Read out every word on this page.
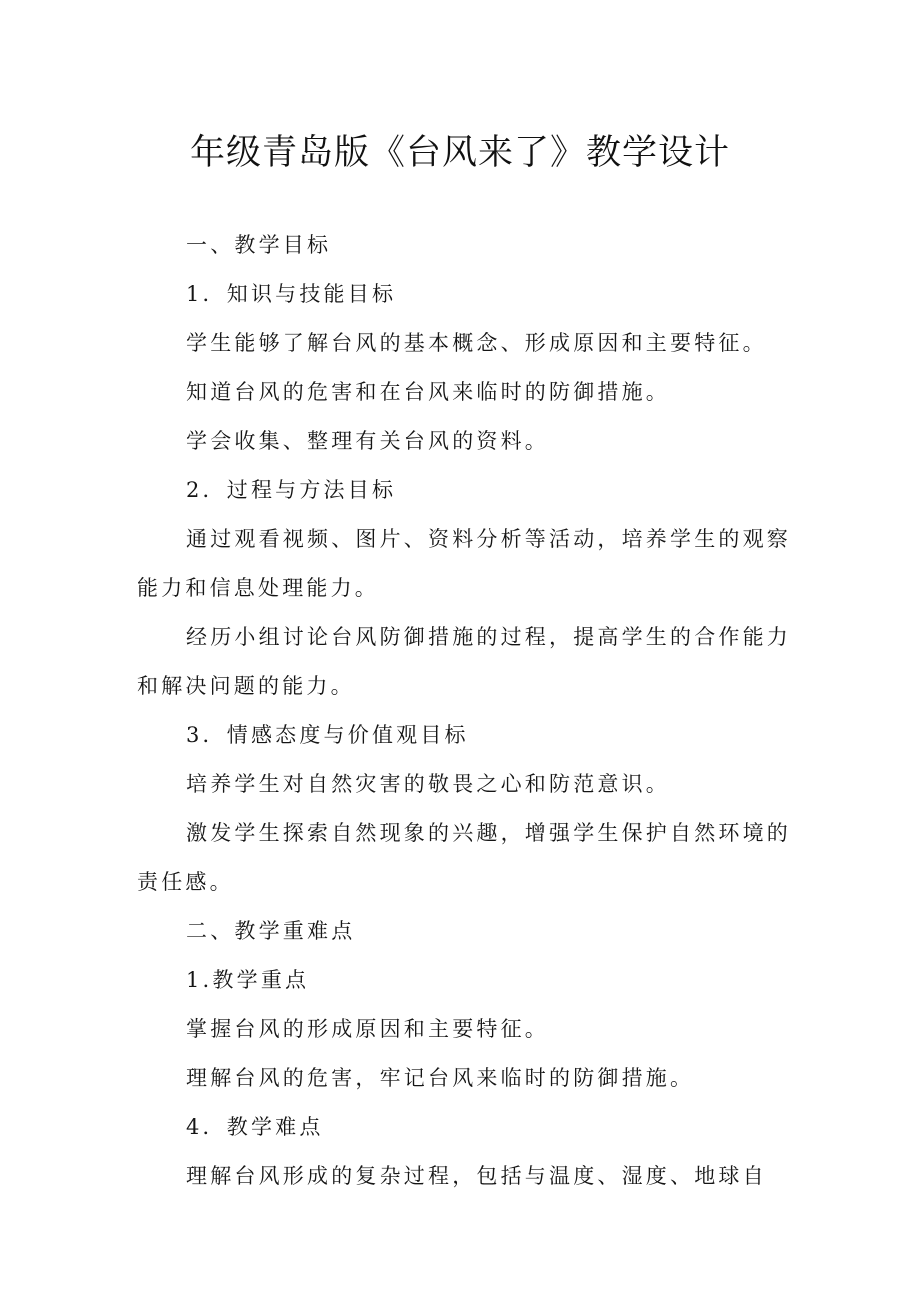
年级青岛版《台风来了》教学设计
一、教学目标
1．知识与技能目标
学生能够了解台风的基本概念、形成原因和主要特征。
知道台风的危害和在台风来临时的防御措施。
学会收集、整理有关台风的资料。
2．过程与方法目标
通过观看视频、图片、资料分析等活动，培养学生的观察能力和信息处理能力。
经历小组讨论台风防御措施的过程，提高学生的合作能力和解决问题的能力。
3．情感态度与价值观目标
培养学生对自然灾害的敬畏之心和防范意识。
激发学生探索自然现象的兴趣，增强学生保护自然环境的责任感。
二、教学重难点
1.教学重点
掌握台风的形成原因和主要特征。
理解台风的危害，牢记台风来临时的防御措施。
4．教学难点
理解台风形成的复杂过程，包括与温度、湿度、地球自
